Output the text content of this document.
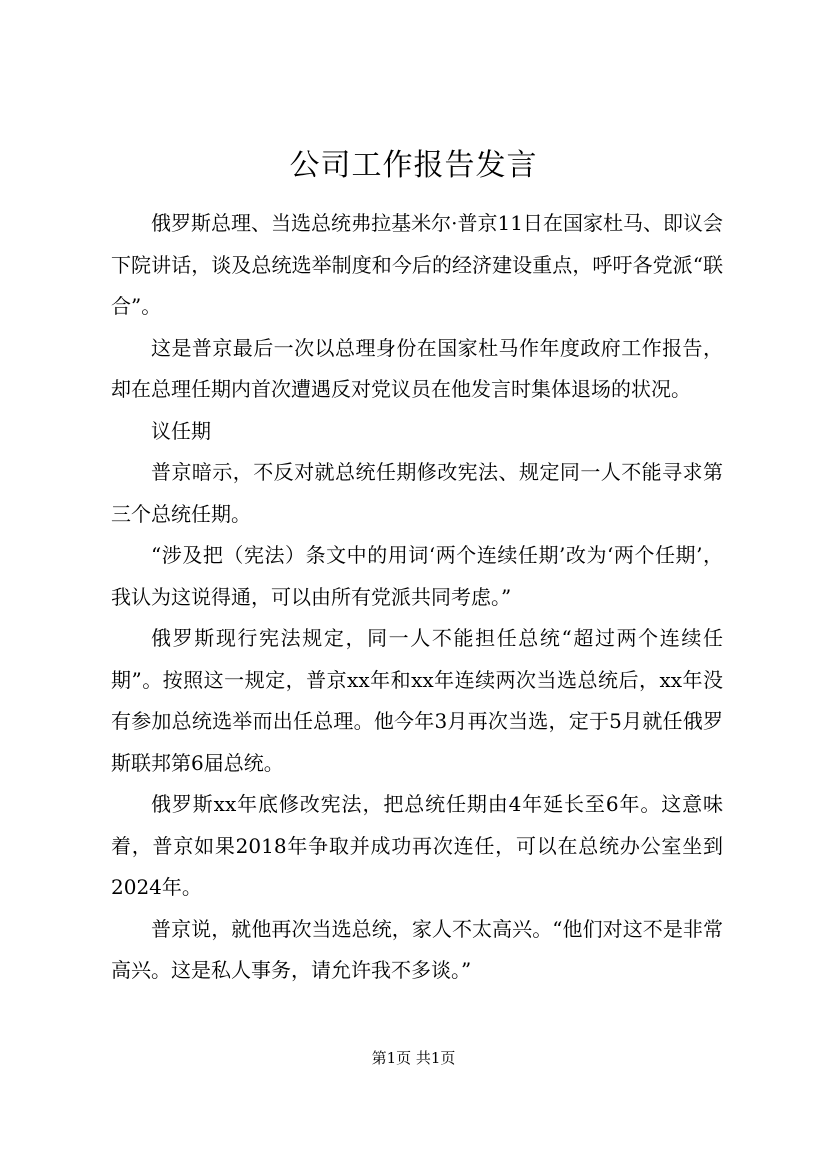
公司工作报告发言

俄罗斯总理、当选总统弗拉基米尔·普京11日在国家杜马、即议会下院讲话，谈及总统选举制度和今后的经济建设重点，呼吁各党派“联合”。

这是普京最后一次以总理身份在国家杜马作年度政府工作报告，却在总理任期内首次遭遇反对党议员在他发言时集体退场的状况。

议任期

普京暗示，不反对就总统任期修改宪法、规定同一人不能寻求第三个总统任期。

“涉及把（宪法）条文中的用词‘两个连续任期’改为‘两个任期’，我认为这说得通，可以由所有党派共同考虑。”

俄罗斯现行宪法规定，同一人不能担任总统“超过两个连续任期”。按照这一规定，普京xx年和xx年连续两次当选总统后，xx年没有参加总统选举而出任总理。他今年3月再次当选，定于5月就任俄罗斯联邦第6届总统。

俄罗斯xx年底修改宪法，把总统任期由4年延长至6年。这意味着，普京如果2018年争取并成功再次连任，可以在总统办公室坐到2024年。

普京说，就他再次当选总统，家人不太高兴。“他们对这不是非常高兴。这是私人事务，请允许我不多谈。”

第1页 共1页
